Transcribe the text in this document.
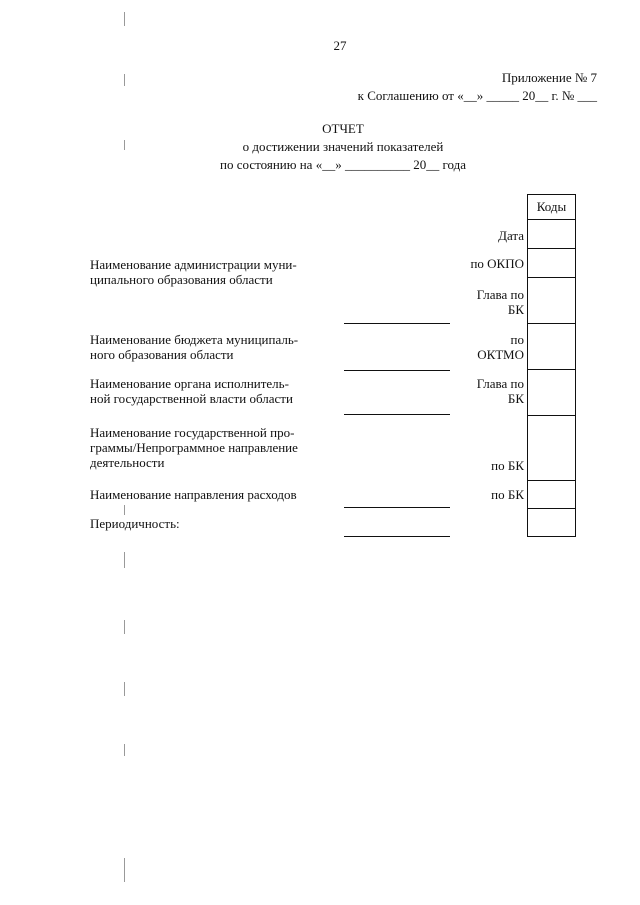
27
Приложение № 7
к Соглашению от «__» _____ 20__ г. № ___
ОТЧЕТ
о достижении значений показателей
по состоянию на «__» __________ 20__ года
Наименование администрации муни-
ципального образования области
Наименование бюджета муниципаль-
ного образования области
Наименование органа исполнитель-
ной государственной власти области
Наименование государственной про-
граммы/Непрограммное направление
деятельности
Наименование направления расходов
Периодичность:
Дата
по ОКПО
Глава по
БК
по
ОКТМО
Глава по
БК
по БК
по БК
Коды
